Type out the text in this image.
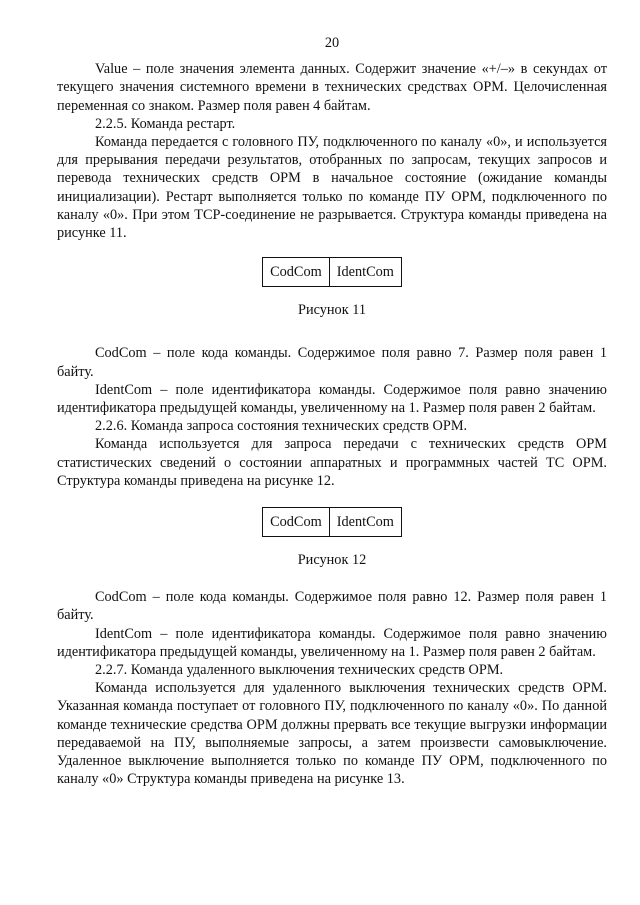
20

Value – поле значения элемента данных. Содержит значение «+/–» в секундах от текущего значения системного времени в технических средствах ОРМ. Целочисленная переменная со знаком. Размер поля равен 4 байтам.

2.2.5. Команда рестарт.

Команда передается с головного ПУ, подключенного по каналу «0», и используется для прерывания передачи результатов, отобранных по запросам, текущих запросов и перевода технических средств ОРМ в начальное состояние (ожидание команды инициализации). Рестарт выполняется только по команде ПУ ОРМ, подключенного по каналу «0». При этом TCP-соединение не разрывается. Структура команды приведена на рисунке 11.

CodCom	IdentCom
Рисунок 11

CodCom – поле кода команды. Содержимое поля равно 7. Размер поля равен 1 байту.

IdentCom – поле идентификатора команды. Содержимое поля равно значению идентификатора предыдущей команды, увеличенному на 1. Размер поля равен 2 байтам.

2.2.6. Команда запроса состояния технических средств ОРМ.

Команда используется для запроса передачи с технических средств ОРМ статистических сведений о состоянии аппаратных и программных частей ТС ОРМ. Структура команды приведена на рисунке 12.

CodCom	IdentCom
Рисунок 12

CodCom – поле кода команды. Содержимое поля равно 12. Размер поля равен 1 байту.

IdentCom – поле идентификатора команды. Содержимое поля равно значению идентификатора предыдущей команды, увеличенному на 1. Размер поля равен 2 байтам.

2.2.7. Команда удаленного выключения технических средств ОРМ.

Команда используется для удаленного выключения технических средств ОРМ. Указанная команда поступает от головного ПУ, подключенного по каналу «0». По данной команде технические средства ОРМ должны прервать все текущие выгрузки информации передаваемой на ПУ, выполняемые запросы, а затем произвести самовыключение. Удаленное выключение выполняется только по команде ПУ ОРМ, подключенного по каналу «0» Структура команды приведена на рисунке 13.
